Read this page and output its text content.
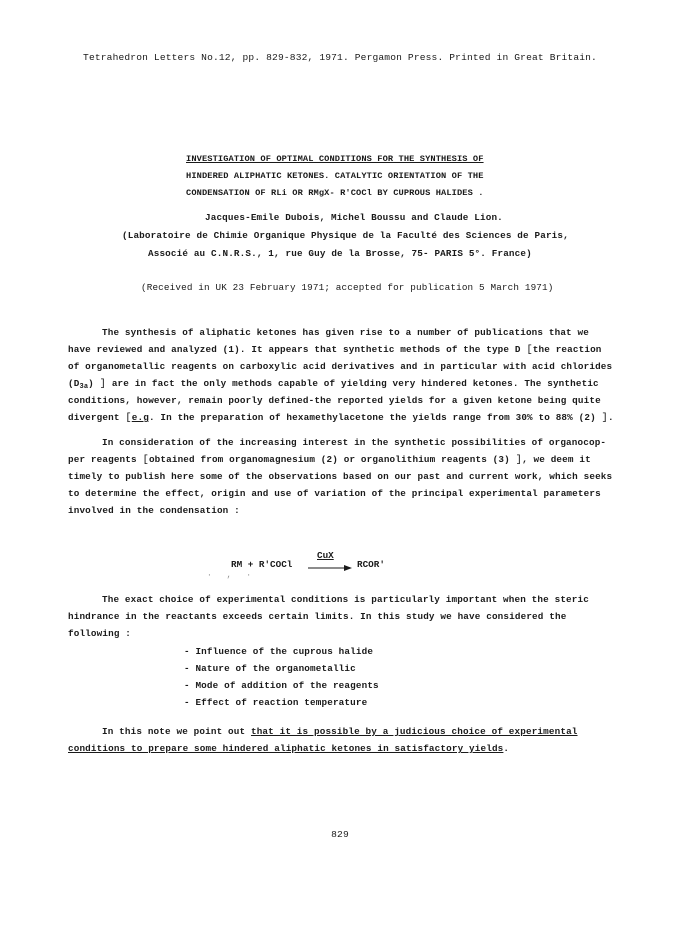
Tetrahedron Letters No.12, pp. 829-832, 1971. Pergamon Press. Printed in Great Britain.
INVESTIGATION OF OPTIMAL CONDITIONS FOR THE SYNTHESIS OF
HINDERED ALIPHATIC KETONES. CATALYTIC ORIENTATION OF THE
CONDENSATION OF RLi OR RMgX- R'COCl BY CUPROUS HALIDES .
Jacques-Emile Dubois, Michel Boussu and Claude Lion.
(Laboratoire de Chimie Organique Physique de la Faculté des Sciences de Paris,
Associé au C.N.R.S., 1, rue Guy de la Brosse, 75- PARIS 5°. France)
(Received in UK 23 February 1971; accepted for publication 5 March 1971)
The synthesis of aliphatic ketones has given rise to a number of publications that we
have reviewed and analyzed (1). It appears that synthetic methods of the type D [the reaction
of organometallic reagents on carboxylic acid derivatives and in particular with acid chlorides
$(D_{3a})$ ] are in fact the only methods capable of yielding very hindered ketones. The synthetic
conditions, however, remain poorly defined-the reported yields for a given ketone being quite
divergent [e.g. In the preparation of hexamethylacetone the yields range from 30% to 88% (2) ].
In consideration of the increasing interest in the synthetic possibilities of organocop-
per reagents [obtained from organomagnesium (2) or organolithium reagents (3) ], we deem it
timely to publish here some of the observations based on our past and current work, which seeks
to determine the effect, origin and use of variation of the principal experimental parameters
involved in the condensation :
RM + R'COCl
CuX
→ RCOR'
· , ·
The exact choice of experimental conditions is particularly important when the steric
hindrance in the reactants exceeds certain limits. In this study we have considered the
following :
- Influence of the cuprous halide
- Nature of the organometallic
- Mode of addition of the reagents
- Effect of reaction temperature
In this note we point out that it is possible by a judicious choice of experimental
conditions to prepare some hindered aliphatic ketones in satisfactory yields.
829
